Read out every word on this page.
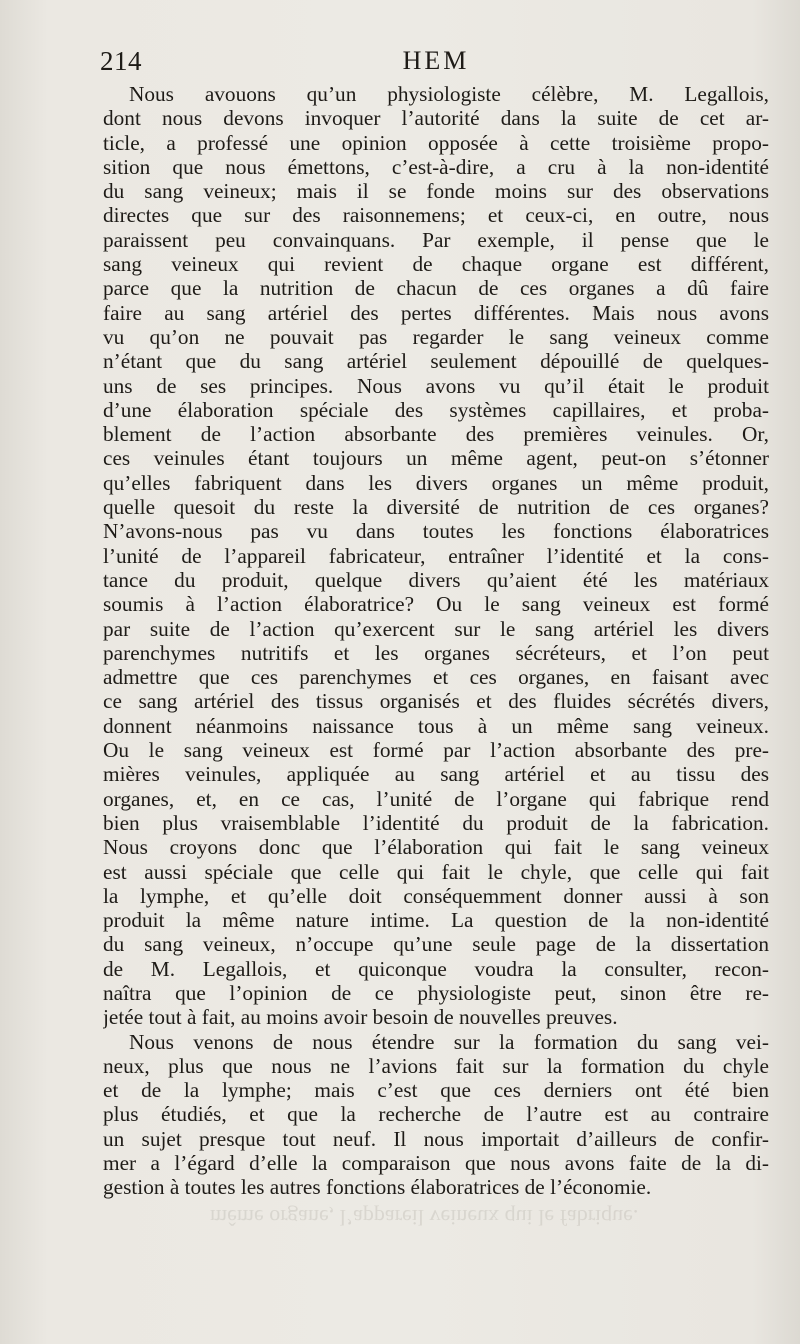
même organe, l’appareil veineux qui le fabrique.
214	HEM
Nous avouons qu’un physiologiste célèbre, M. Legallois,
dont nous devons invoquer l’autorité dans la suite de cet ar-
ticle, a professé une opinion opposée à cette troisième propo-
sition que nous émettons, c’est-à-dire, a cru à la non-identité
du sang veineux; mais il se fonde moins sur des observations
directes que sur des raisonnemens; et ceux-ci, en outre, nous
paraissent peu convainquans. Par exemple, il pense que le
sang veineux qui revient de chaque organe est différent,
parce que la nutrition de chacun de ces organes a dû faire
faire au sang artériel des pertes différentes. Mais nous avons
vu qu’on ne pouvait pas regarder le sang veineux comme
n’étant que du sang artériel seulement dépouillé de quelques-
uns de ses principes. Nous avons vu qu’il était le produit
d’une élaboration spéciale des systèmes capillaires, et proba-
blement de l’action absorbante des premières veinules. Or,
ces veinules étant toujours un même agent, peut-on s’étonner
qu’elles fabriquent dans les divers organes un même produit,
quelle quesoit du reste la diversité de nutrition de ces organes?
N’avons-nous pas vu dans toutes les fonctions élaboratrices
l’unité de l’appareil fabricateur, entraîner l’identité et la cons-
tance du produit, quelque divers qu’aient été les matériaux
soumis à l’action élaboratrice? Ou le sang veineux est formé
par suite de l’action qu’exercent sur le sang artériel les divers
parenchymes nutritifs et les organes sécréteurs, et l’on peut
admettre que ces parenchymes et ces organes, en faisant avec
ce sang artériel des tissus organisés et des fluides sécrétés divers,
donnent néanmoins naissance tous à un même sang veineux.
Ou le sang veineux est formé par l’action absorbante des pre-
mières veinules, appliquée au sang artériel et au tissu des
organes, et, en ce cas, l’unité de l’organe qui fabrique rend
bien plus vraisemblable l’identité du produit de la fabrication.
Nous croyons donc que l’élaboration qui fait le sang veineux
est aussi spéciale que celle qui fait le chyle, que celle qui fait
la lymphe, et qu’elle doit conséquemment donner aussi à son
produit la même nature intime. La question de la non-identité
du sang veineux, n’occupe qu’une seule page de la dissertation
de M. Legallois, et quiconque voudra la consulter, recon-
naîtra que l’opinion de ce physiologiste peut, sinon être re-
jetée tout à fait, au moins avoir besoin de nouvelles preuves.
Nous venons de nous étendre sur la formation du sang vei-
neux, plus que nous ne l’avions fait sur la formation du chyle
et de la lymphe; mais c’est que ces derniers ont été bien
plus étudiés, et que la recherche de l’autre est au contraire
un sujet presque tout neuf. Il nous importait d’ailleurs de confir-
mer a l’égard d’elle la comparaison que nous avons faite de la di-
gestion à toutes les autres fonctions élaboratrices de l’économie.
